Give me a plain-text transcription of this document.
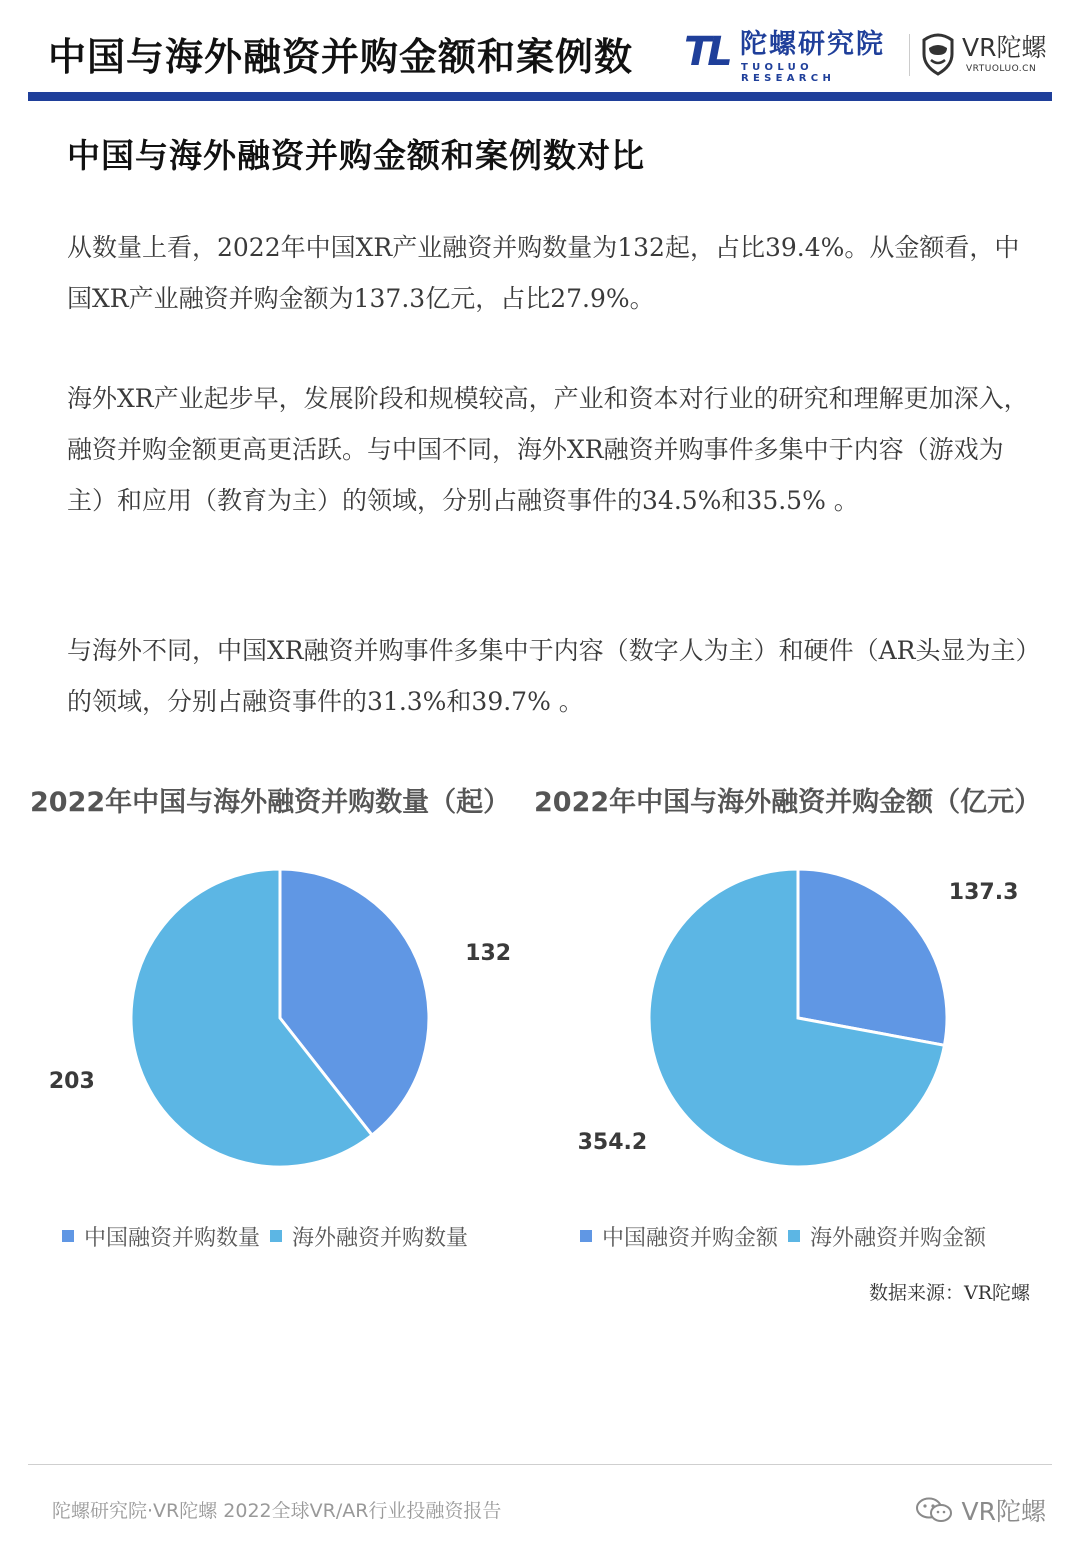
中国与海外融资并购金额和案例数 TL 陀螺研究院
TUOLUO RESEARCH
VR陀螺
VRTUOLUO.CN
中国与海外融资并购金额和案例数对比

从数量上看，2022年中国XR产业融资并购数量为132起，占比39.4%。从金额看，中国XR产业融资并购金额为137.3亿元，占比27.9%。

海外XR产业起步早，发展阶段和规模较高，产业和资本对行业的研究和理解更加深入，融资并购金额更高更活跃。与中国不同，海外XR融资并购事件多集中于内容（游戏为主）和应用（教育为主）的领域，分别占融资事件的34.5%和35.5% 。

与海外不同，中国XR融资并购事件多集中于内容（数字人为主）和硬件（AR头显为主）的领域，分别占融资事件的31.3%和39.7% 。

2022年中国与海外融资并购数量（起） 2022年中国与海外融资并购金额（亿元）
132
203
137.3
354.2
中国融资并购数量 海外融资并购数量	中国融资并购金额 海外融资并购金额

数据来源：VR陀螺

陀螺研究院·VR陀螺 2022全球VR/AR行业投融资报告	VR陀螺
